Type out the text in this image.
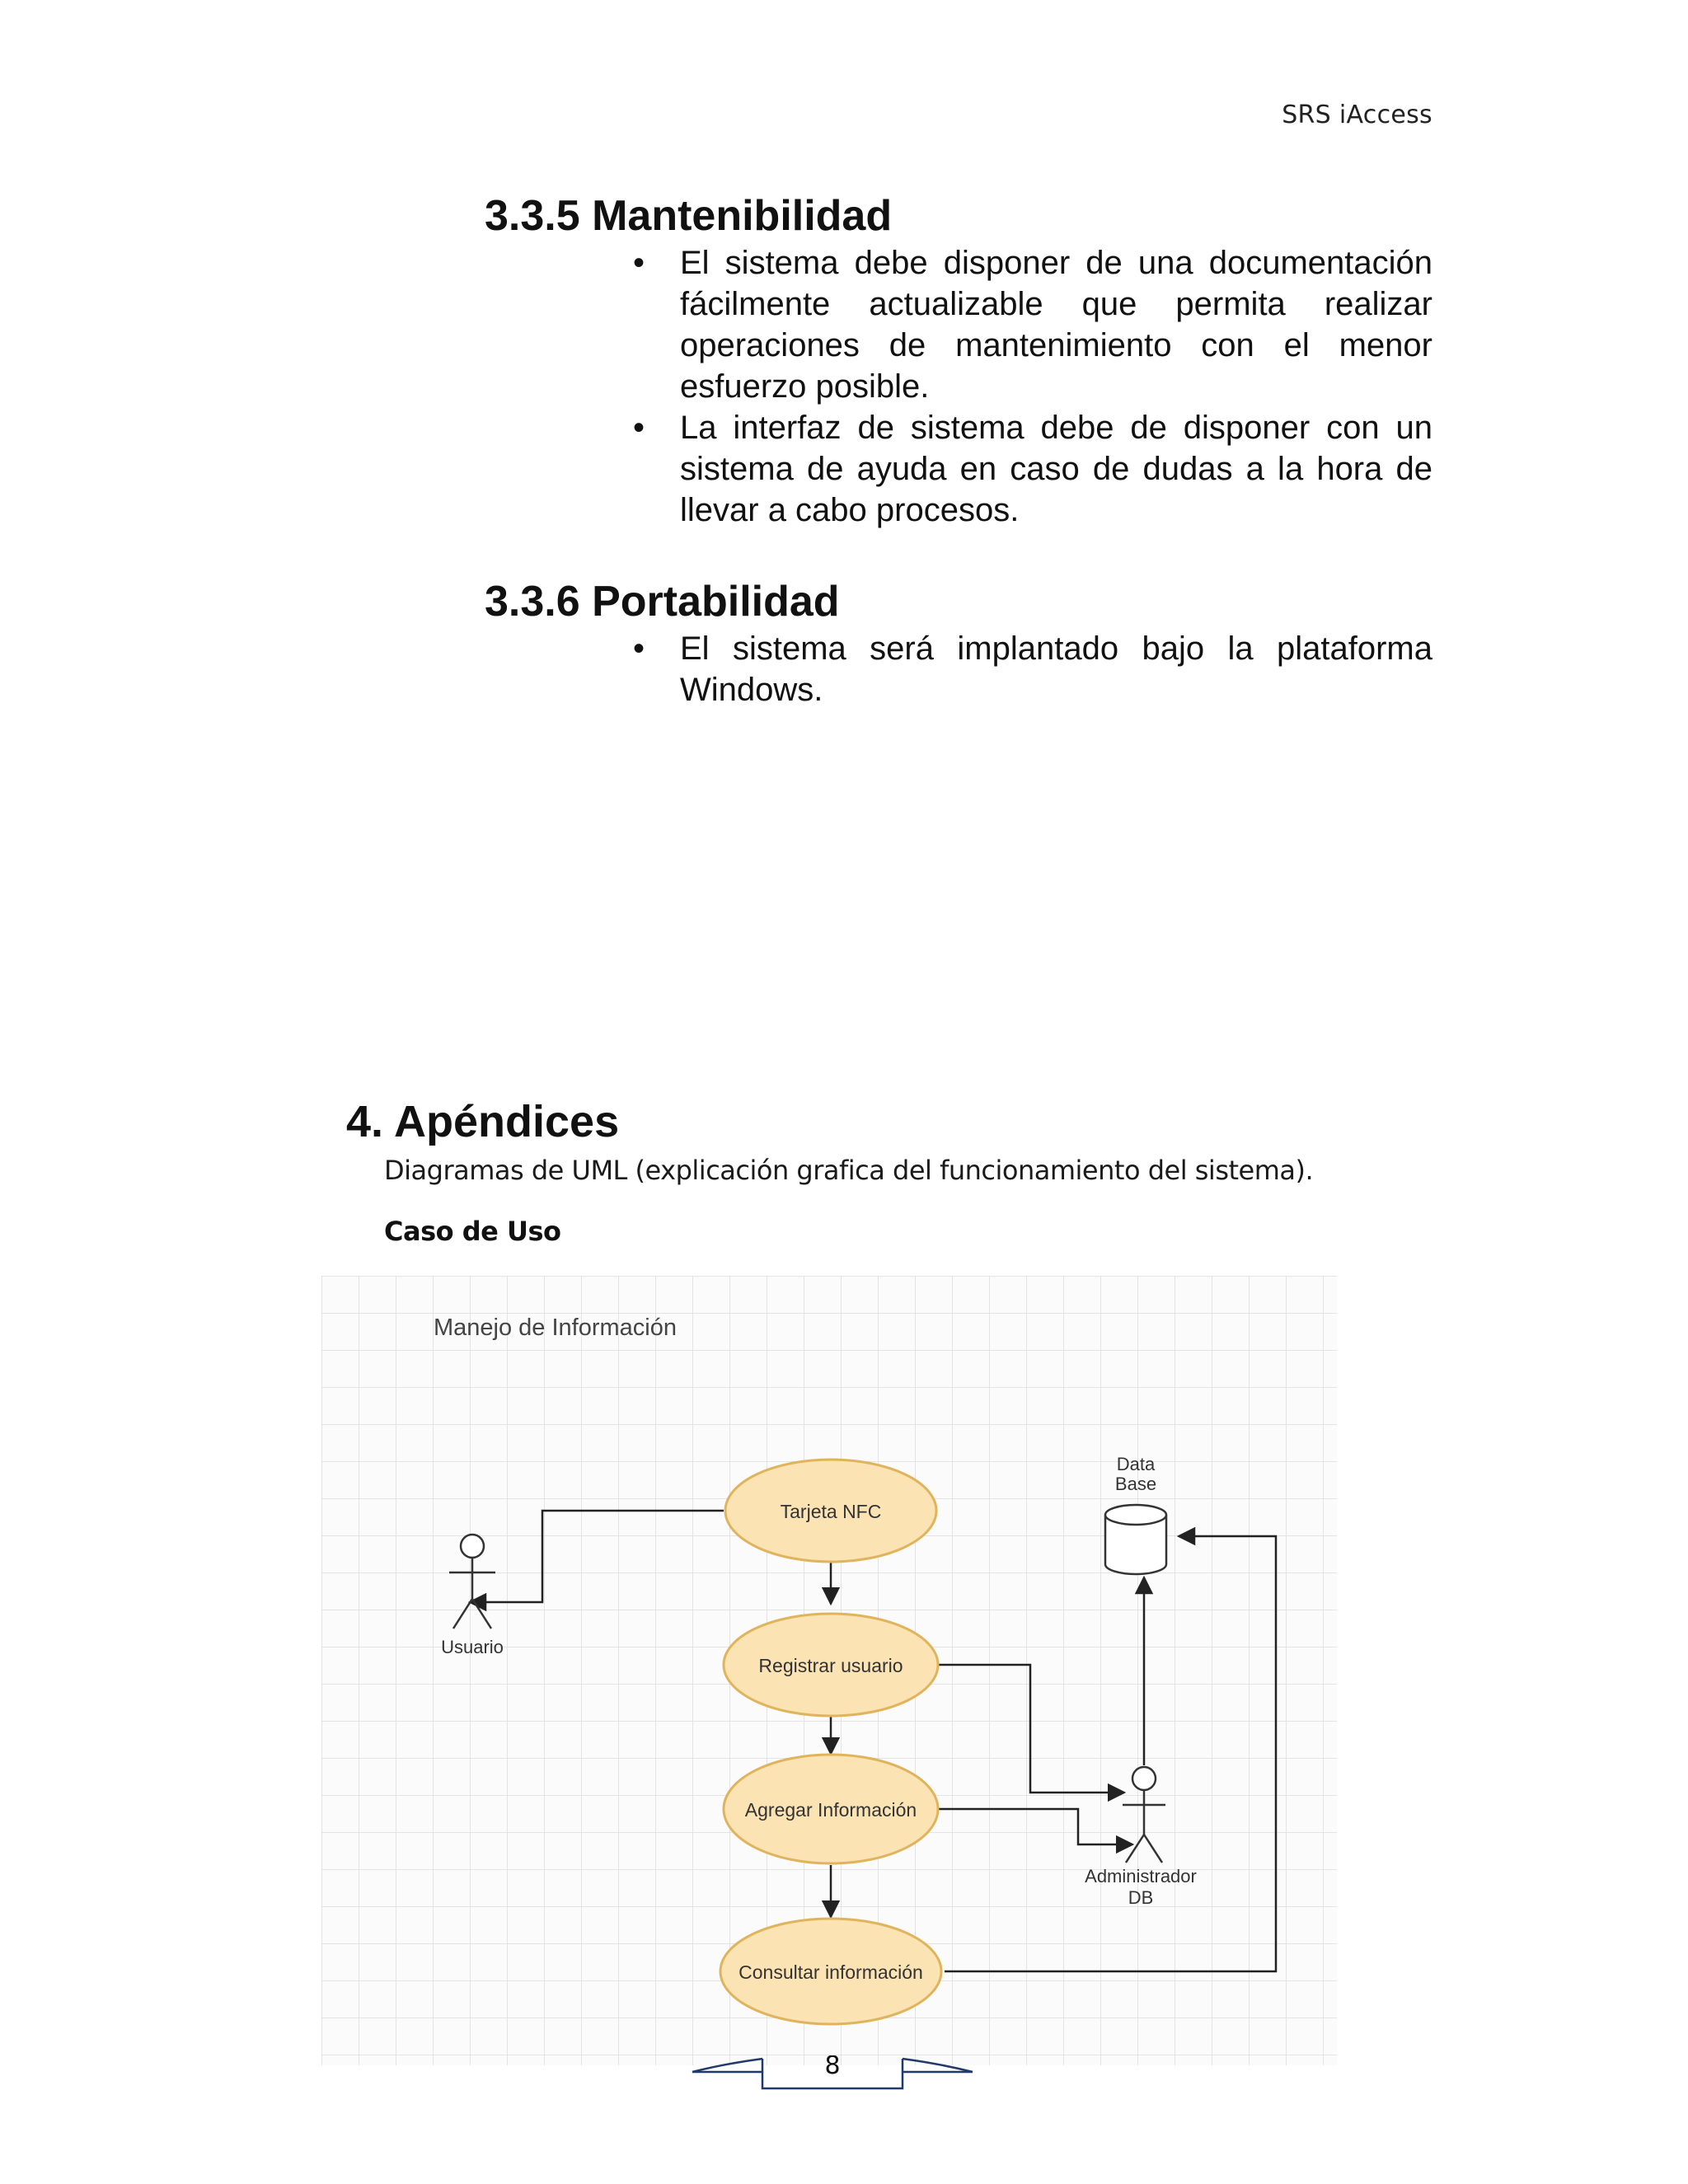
SRS iAccess
3.3.5 Mantenibilidad
• El sistema debe disponer de una documentación fácilmente actualizable que permita realizar operaciones de mantenimiento con el menor esfuerzo posible.
• La interfaz de sistema debe de disponer con un sistema de ayuda en caso de dudas a la hora de llevar a cabo procesos.
3.3.6 Portabilidad
• El sistema será implantado bajo la plataforma Windows.
4. Apéndices
Diagramas de UML (explicación grafica del funcionamiento del sistema).
Caso de Uso
Manejo de Información
Tarjeta NFC
Registrar usuario
Agregar Información
Consultar información
Usuario
Administrador
DB
Data
Base
8
